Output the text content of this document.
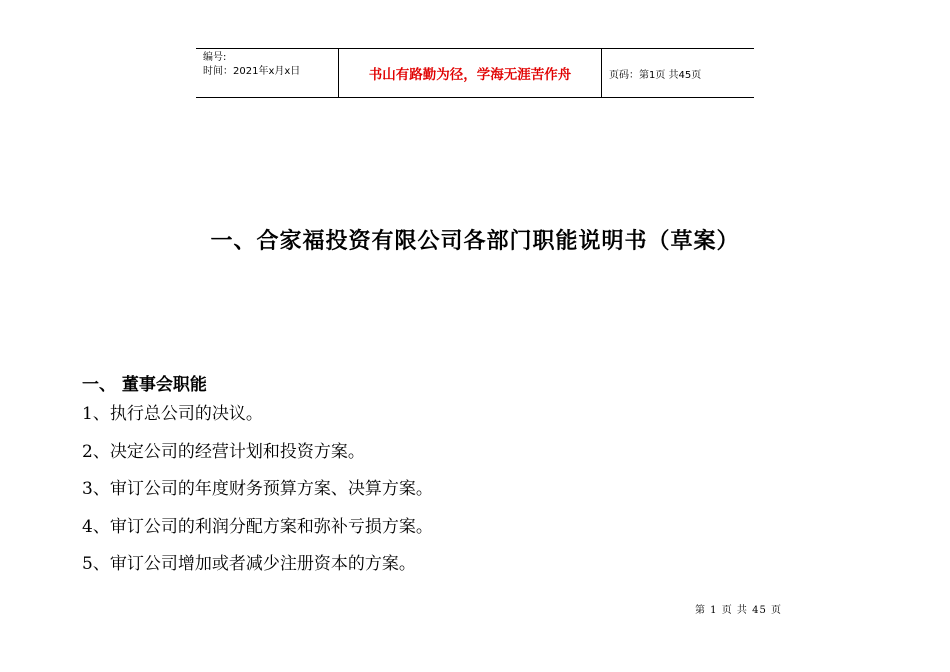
编号:
时间：2021年x月x日	书山有路勤为径，学海无涯苦作舟	页码：第1页 共45页
一、合家福投资有限公司各部门职能说明书（草案）
一、 董事会职能
1、执行总公司的决议。
2、决定公司的经营计划和投资方案。
3、审订公司的年度财务预算方案、决算方案。
4、审订公司的利润分配方案和弥补亏损方案。
5、审订公司增加或者减少注册资本的方案。
第 1 页 共 45 页
